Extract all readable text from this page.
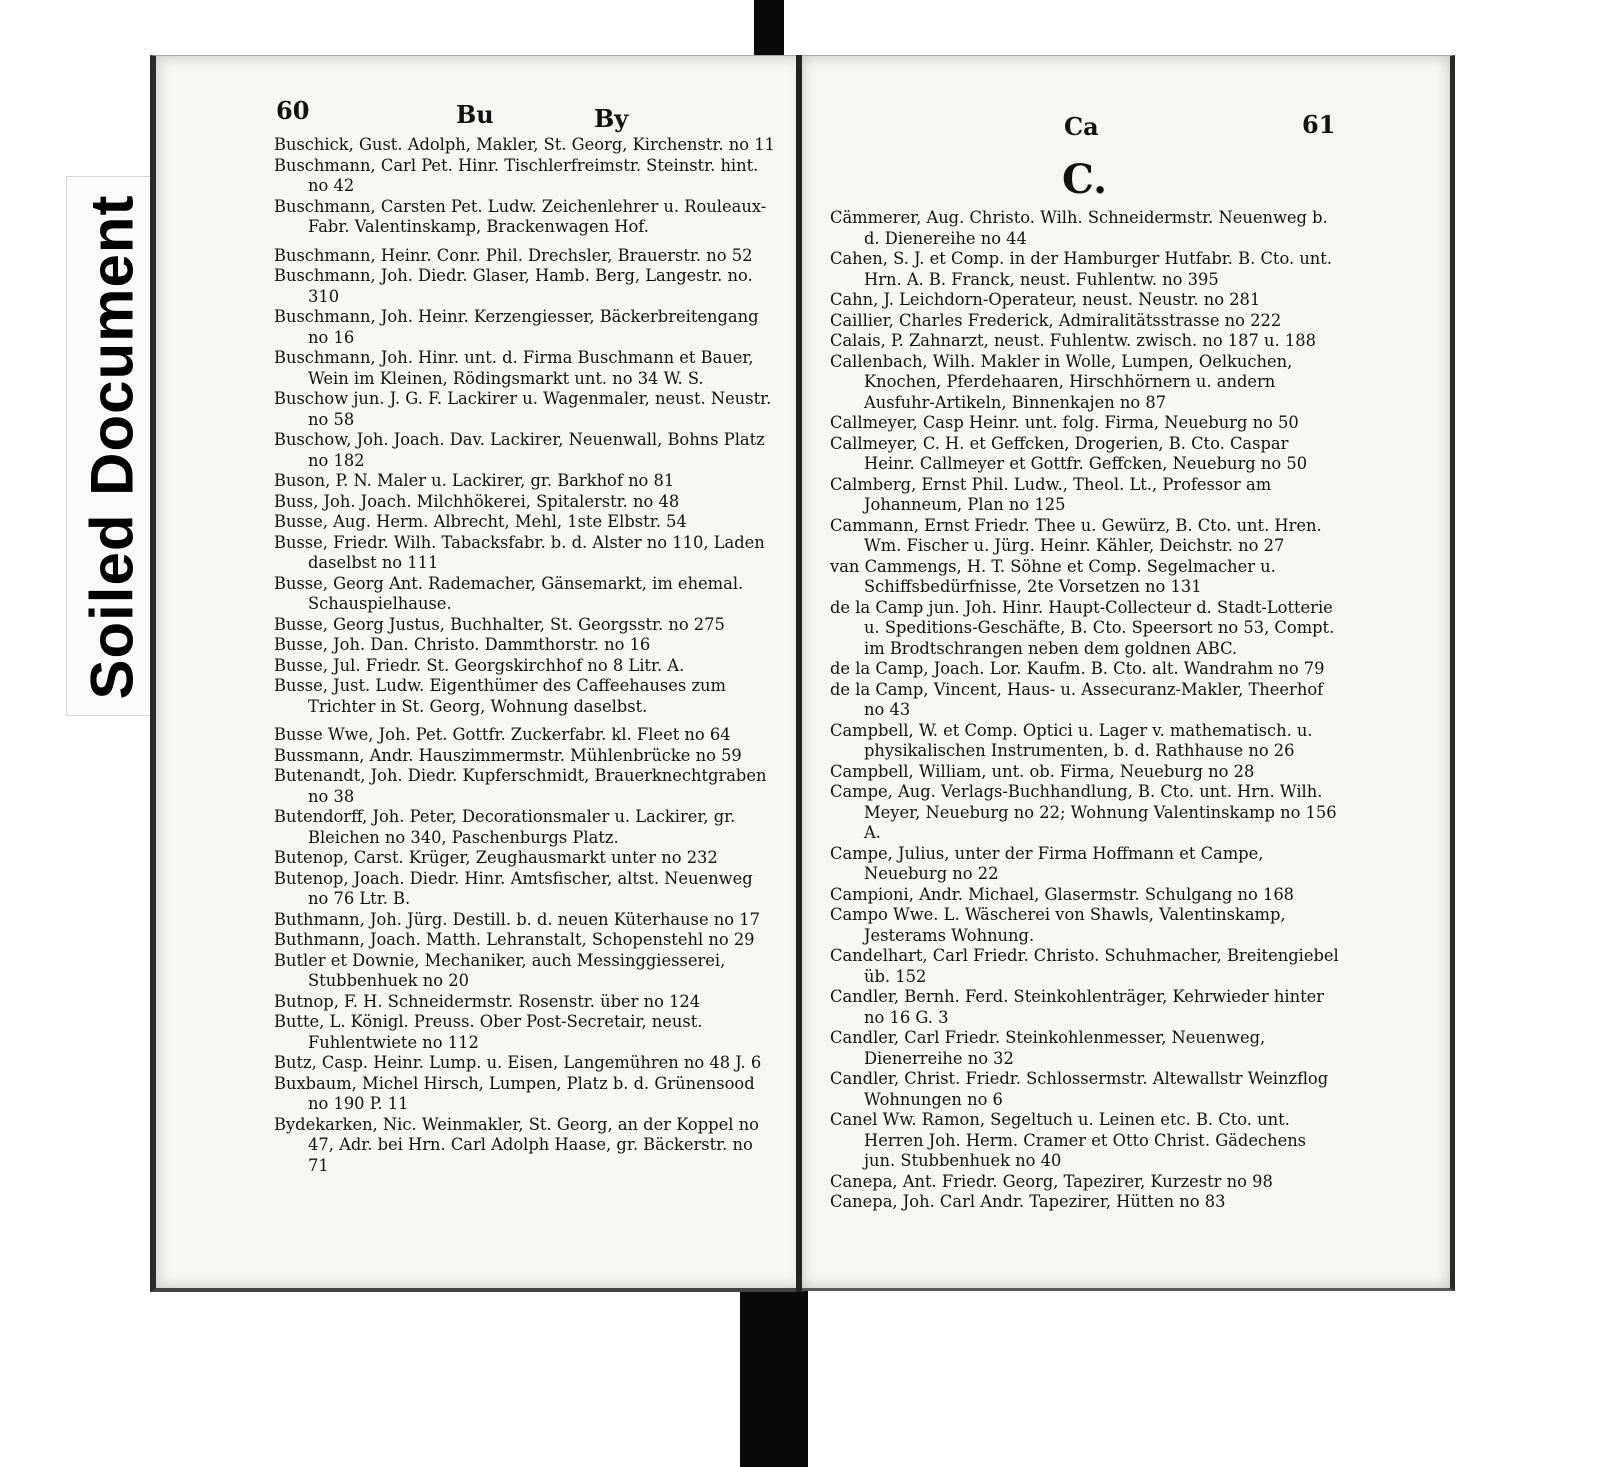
Soiled Document
60	Bu	By	Ca	61
C.

Buschick, Gust. Adolph, Makler, St. Georg, Kirchenstr. no 11

Buschmann, Carl Pet. Hinr. Tischlerfreimstr. Steinstr. hint. no 42

Buschmann, Carsten Pet. Ludw. Zeichenlehrer u. Rouleaux-Fabr. Valentinskamp, Brackenwagen Hof.

Buschmann, Heinr. Conr. Phil. Drechsler, Brauerstr. no 52

Buschmann, Joh. Diedr. Glaser, Hamb. Berg, Langestr. no. 310

Buschmann, Joh. Heinr. Kerzengiesser, Bäckerbreitengang no 16

Buschmann, Joh. Hinr. unt. d. Firma Buschmann et Bauer, Wein im Kleinen, Rödingsmarkt unt. no 34 W. S.

Buschow jun. J. G. F. Lackirer u. Wagenmaler, neust. Neustr. no 58

Buschow, Joh. Joach. Dav. Lackirer, Neuenwall, Bohns Platz no 182

Buson, P. N. Maler u. Lackirer, gr. Barkhof no 81

Buss, Joh. Joach. Milchhökerei, Spitalerstr. no 48

Busse, Aug. Herm. Albrecht, Mehl, 1ste Elbstr. 54

Busse, Friedr. Wilh. Tabacksfabr. b. d. Alster no 110, Laden daselbst no 111

Busse, Georg Ant. Rademacher, Gänsemarkt, im ehemal. Schauspielhause.

Busse, Georg Justus, Buchhalter, St. Georgsstr. no 275

Busse, Joh. Dan. Christo. Dammthorstr. no 16

Busse, Jul. Friedr. St. Georgskirchhof no 8 Litr. A.

Busse, Just. Ludw. Eigenthümer des Caffeehauses zum Trichter in St. Georg, Wohnung daselbst.

Busse Wwe, Joh. Pet. Gottfr. Zuckerfabr. kl. Fleet no 64

Bussmann, Andr. Hauszimmermstr. Mühlenbrücke no 59

Butenandt, Joh. Diedr. Kupferschmidt, Brauerknechtgraben no 38

Butendorff, Joh. Peter, Decorationsmaler u. Lackirer, gr. Bleichen no 340, Paschenburgs Platz.

Butenop, Carst. Krüger, Zeughausmarkt unter no 232

Butenop, Joach. Diedr. Hinr. Amtsfischer, altst. Neuenweg no 76 Ltr. B.

Buthmann, Joh. Jürg. Destill. b. d. neuen Küterhause no 17

Buthmann, Joach. Matth. Lehranstalt, Schopenstehl no 29

Butler et Downie, Mechaniker, auch Messinggiesserei, Stubbenhuek no 20

Butnop, F. H. Schneidermstr. Rosenstr. über no 124

Butte, L. Königl. Preuss. Ober Post-Secretair, neust. Fuhlentwiete no 112

Butz, Casp. Heinr. Lump. u. Eisen, Langemühren no 48 J. 6

Buxbaum, Michel Hirsch, Lumpen, Platz b. d. Grünensood no 190 P. 11

Bydekarken, Nic. Weinmakler, St. Georg, an der Koppel no 47, Adr. bei Hrn. Carl Adolph Haase, gr. Bäckerstr. no 71

Cämmerer, Aug. Christo. Wilh. Schneidermstr. Neuenweg b. d. Dienereihe no 44

Cahen, S. J. et Comp. in der Hamburger Hutfabr. B. Cto. unt. Hrn. A. B. Franck, neust. Fuhlentw. no 395

Cahn, J. Leichdorn-Operateur, neust. Neustr. no 281

Caillier, Charles Frederick, Admiralitätsstrasse no 222

Calais, P. Zahnarzt, neust. Fuhlentw. zwisch. no 187 u. 188

Callenbach, Wilh. Makler in Wolle, Lumpen, Oelkuchen, Knochen, Pferdehaaren, Hirschhörnern u. andern Ausfuhr-Artikeln, Binnenkajen no 87

Callmeyer, Casp Heinr. unt. folg. Firma, Neueburg no 50

Callmeyer, C. H. et Geffcken, Drogerien, B. Cto. Caspar Heinr. Callmeyer et Gottfr. Geffcken, Neueburg no 50

Calmberg, Ernst Phil. Ludw., Theol. Lt., Professor am Johanneum, Plan no 125

Cammann, Ernst Friedr. Thee u. Gewürz, B. Cto. unt. Hren. Wm. Fischer u. Jürg. Heinr. Kähler, Deichstr. no 27

van Cammengs, H. T. Söhne et Comp. Segelmacher u. Schiffsbedürfnisse, 2te Vorsetzen no 131

de la Camp jun. Joh. Hinr. Haupt-Collecteur d. Stadt-Lotterie u. Speditions-Geschäfte, B. Cto. Speersort no 53, Compt. im Brodtschrangen neben dem goldnen ABC.

de la Camp, Joach. Lor. Kaufm. B. Cto. alt. Wandrahm no 79

de la Camp, Vincent, Haus- u. Assecuranz-Makler, Theerhof no 43

Campbell, W. et Comp. Optici u. Lager v. mathematisch. u. physikalischen Instrumenten, b. d. Rathhause no 26

Campbell, William, unt. ob. Firma, Neueburg no 28

Campe, Aug. Verlags-Buchhandlung, B. Cto. unt. Hrn. Wilh. Meyer, Neueburg no 22; Wohnung Valentinskamp no 156 A.

Campe, Julius, unter der Firma Hoffmann et Campe, Neueburg no 22

Campioni, Andr. Michael, Glasermstr. Schulgang no 168

Campo Wwe. L. Wäscherei von Shawls, Valentinskamp, Jesterams Wohnung.

Candelhart, Carl Friedr. Christo. Schuhmacher, Breitengiebel üb. 152

Candler, Bernh. Ferd. Steinkohlenträger, Kehrwieder hinter no 16 G. 3

Candler, Carl Friedr. Steinkohlenmesser, Neuenweg, Dienerreihe no 32

Candler, Christ. Friedr. Schlossermstr. Altewallstr Weinzflog Wohnungen no 6

Canel Ww. Ramon, Segeltuch u. Leinen etc. B. Cto. unt. Herren Joh. Herm. Cramer et Otto Christ. Gädechens jun. Stubbenhuek no 40

Canepa, Ant. Friedr. Georg, Tapezirer, Kurzestr no 98

Canepa, Joh. Carl Andr. Tapezirer, Hütten no 83
